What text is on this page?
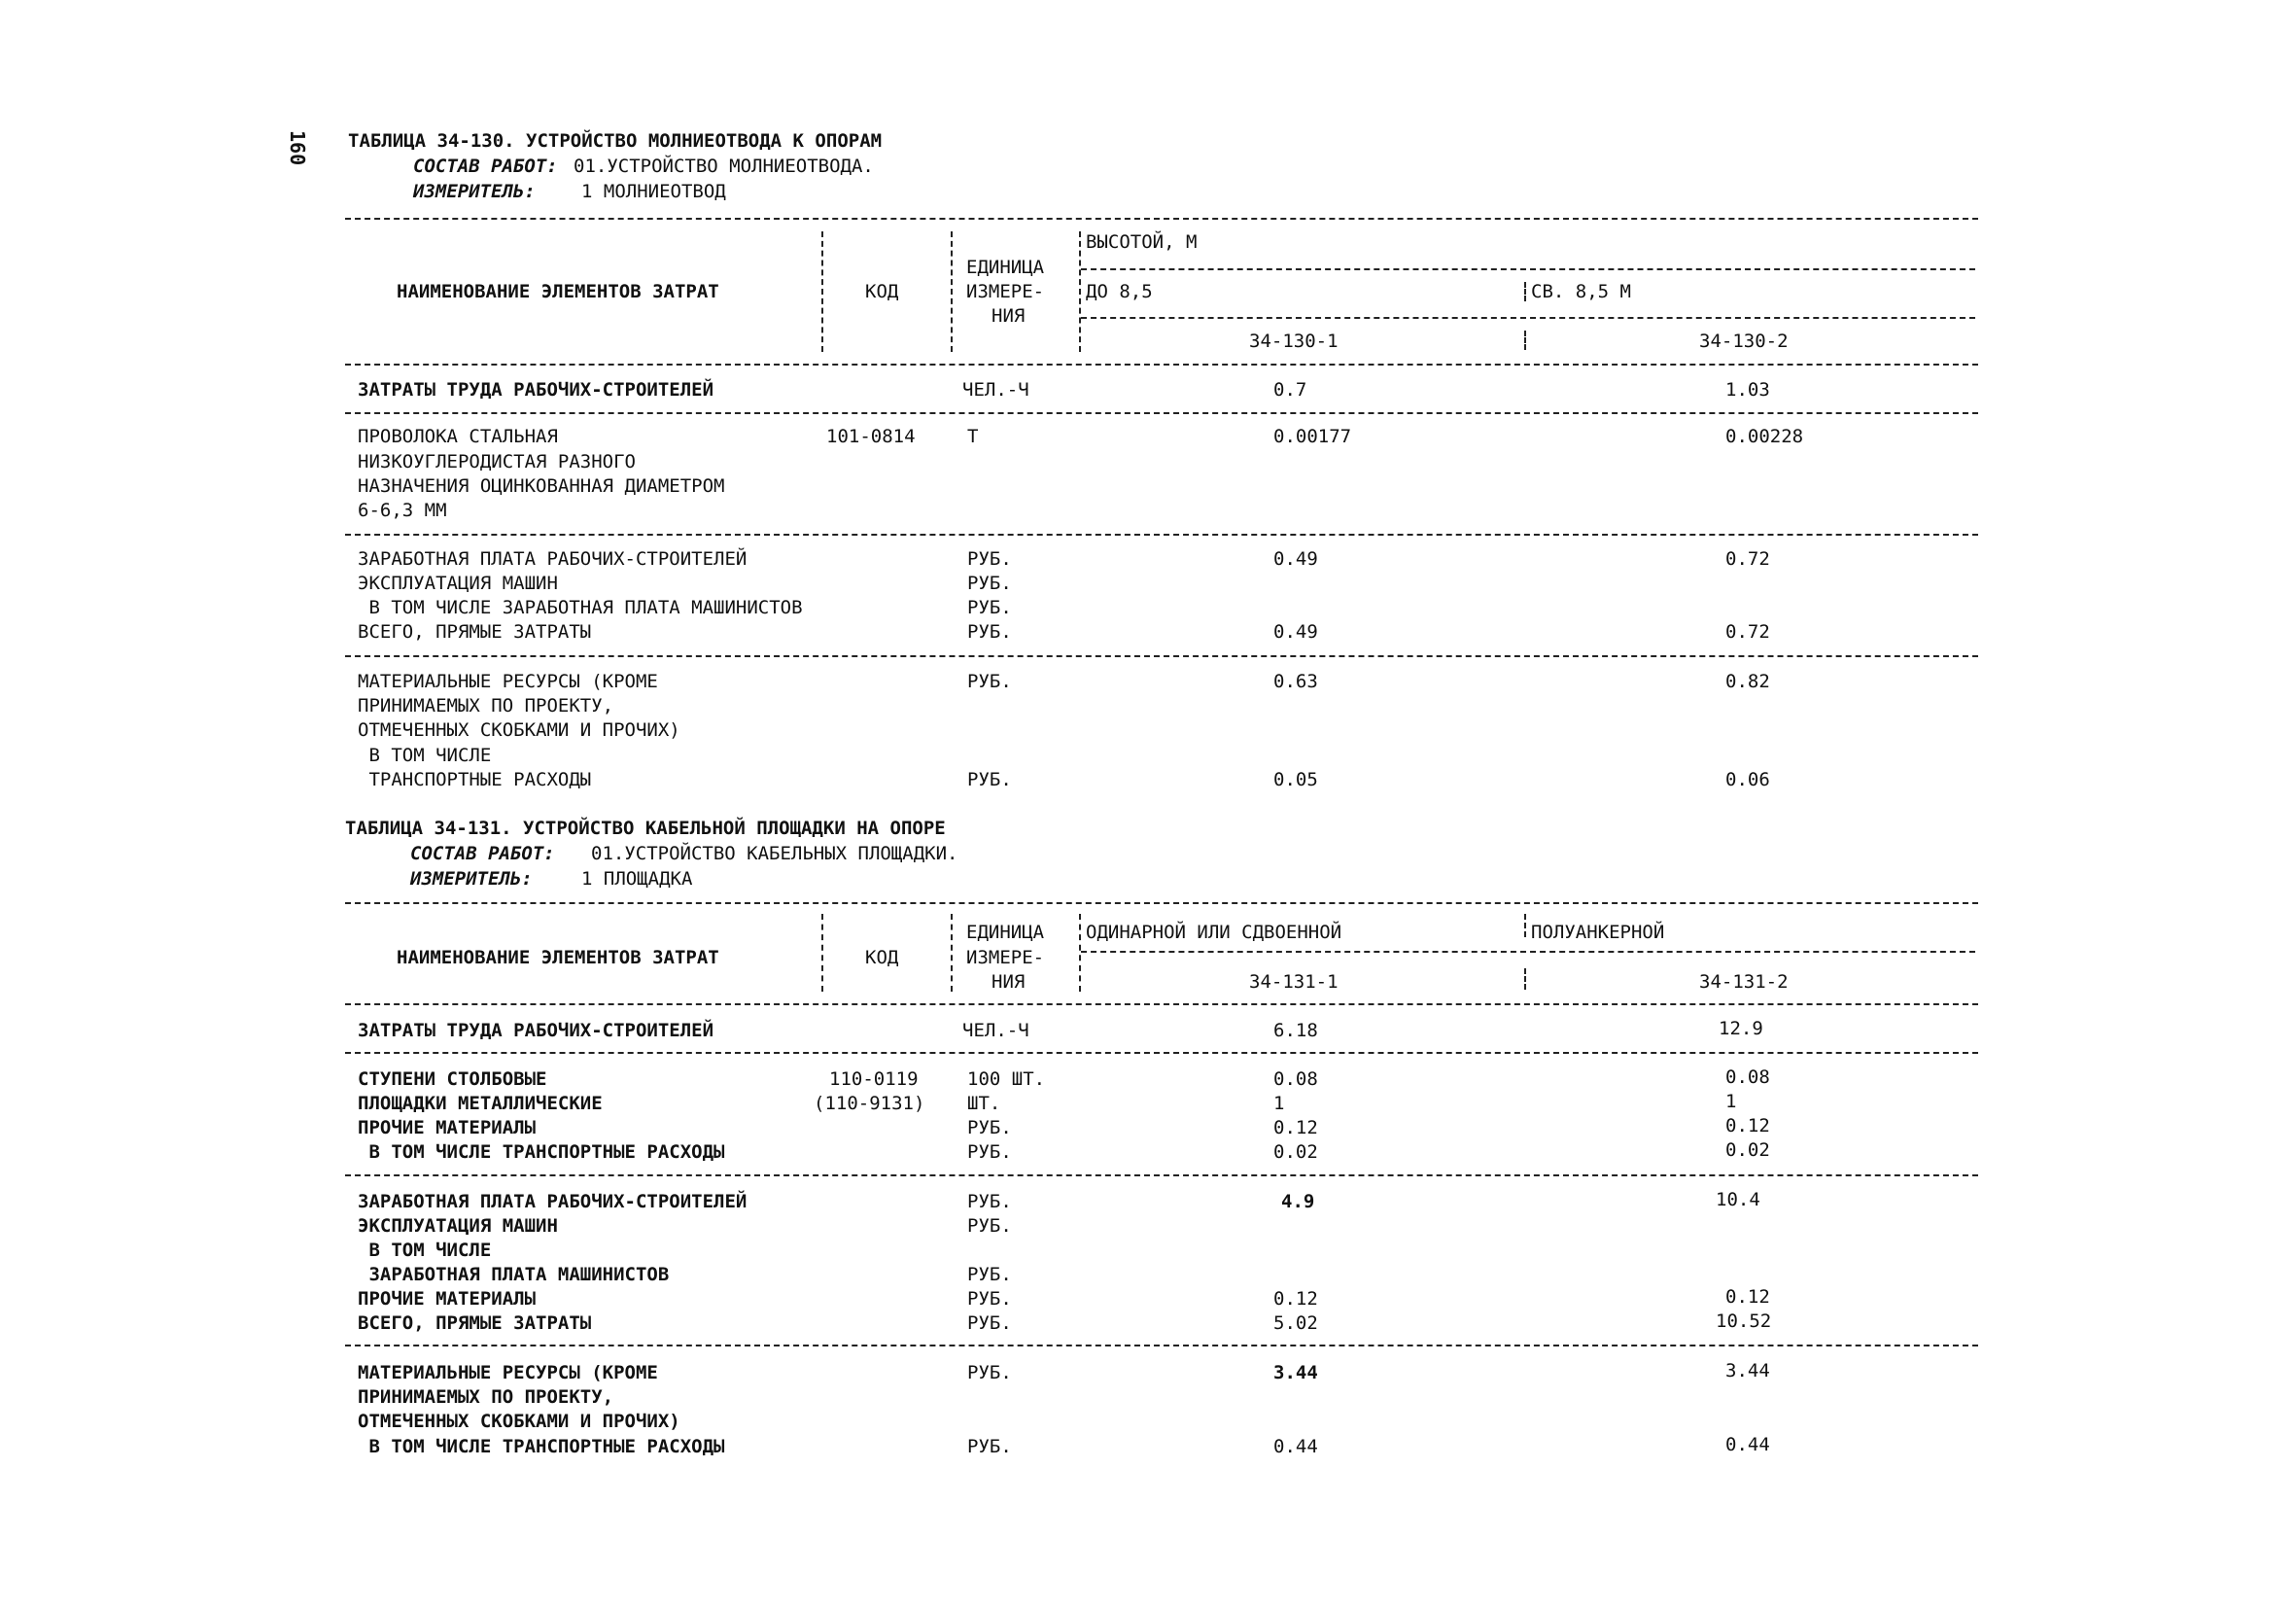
160 ТАБЛИЦА 34-130. УСТРОЙСТВО МОЛНИЕОТВОДА К ОПОРАМ
СОСТАВ РАБОТ: 01.УСТРОЙСТВО МОЛНИЕОТВОДА.
ИЗМЕРИТЕЛЬ: 1 МОЛНИЕОТВОД
НАИМЕНОВАНИЕ ЭЛЕМЕНТОВ ЗАТРАТ	КОД
ЕДИНИЦА
ИЗМЕРЕ-
НИЯ
ВЫСОТОЙ, М
ДО 8,5	СВ. 8,5 М
34-130-1	34-130-2
ЗАТРАТЫ ТРУДА РАБОЧИХ-СТРОИТЕЛЕЙ	ЧЕЛ.-Ч	0.7	1.03
ПРОВОЛОКА СТАЛЬНАЯ	101-0814	Т	0.00177	0.00228
НИЗКОУГЛЕРОДИСТАЯ РАЗНОГО
НАЗНАЧЕНИЯ ОЦИНКОВАННАЯ ДИАМЕТРОМ
6-6,3 ММ
ЗАРАБОТНАЯ ПЛАТА РАБОЧИХ-СТРОИТЕЛЕЙ	РУБ.	0.49	0.72
ЭКСПЛУАТАЦИЯ МАШИН	РУБ.
В ТОМ ЧИСЛЕ ЗАРАБОТНАЯ ПЛАТА МАШИНИСТОВ	РУБ.
ВСЕГО, ПРЯМЫЕ ЗАТРАТЫ	РУБ.	0.49	0.72
МАТЕРИАЛЬНЫЕ РЕСУРСЫ (КРОМЕ	РУБ.	0.63	0.82
ПРИНИМАЕМЫХ ПО ПРОЕКТУ,
ОТМЕЧЕННЫХ СКОБКАМИ И ПРОЧИХ)
В ТОМ ЧИСЛЕ
ТРАНСПОРТНЫЕ РАСХОДЫ	РУБ.	0.05	0.06
ТАБЛИЦА 34-131. УСТРОЙСТВО КАБЕЛЬНОЙ ПЛОЩАДКИ НА ОПОРЕ
СОСТАВ РАБОТ: 01.УСТРОЙСТВО КАБЕЛЬНЫХ ПЛОЩАДКИ.
ИЗМЕРИТЕЛЬ:	1 ПЛОЩАДКА
НАИМЕНОВАНИЕ ЭЛЕМЕНТОВ ЗАТРАТ	КОД
ЕДИНИЦА
ИЗМЕРЕ-
НИЯ
ОДИНАРНОЙ ИЛИ СДВОЕННОЙ	ПОЛУАНКЕРНОЙ
34-131-1	34-131-2
ЗАТРАТЫ ТРУДА РАБОЧИХ-СТРОИТЕЛЕЙ	ЧЕЛ.-Ч	6.18	12.9
СТУПЕНИ СТОЛБОВЫЕ	110-0119	100 ШТ.	0.08	0.08
ПЛОЩАДКИ МЕТАЛЛИЧЕСКИЕ	(110-9131) ШТ.	1	1
ПРОЧИЕ МАТЕРИАЛЫ	РУБ.	0.12	0.12
В ТОМ ЧИСЛЕ ТРАНСПОРТНЫЕ РАСХОДЫ	РУБ.	0.02	0.02
ЗАРАБОТНАЯ ПЛАТА РАБОЧИХ-СТРОИТЕЛЕЙ	РУБ.	4.9	10.4
ЭКСПЛУАТАЦИЯ МАШИН	РУБ.
В ТОМ ЧИСЛЕ
ЗАРАБОТНАЯ ПЛАТА МАШИНИСТОВ	РУБ.
ПРОЧИЕ МАТЕРИАЛЫ	РУБ.	0.12	0.12
ВСЕГО, ПРЯМЫЕ ЗАТРАТЫ	РУБ.	5.02	10.52
МАТЕРИАЛЬНЫЕ РЕСУРСЫ (КРОМЕ	РУБ.	3.44	3.44
ПРИНИМАЕМЫХ ПО ПРОЕКТУ,
ОТМЕЧЕННЫХ СКОБКАМИ И ПРОЧИХ)
В ТОМ ЧИСЛЕ ТРАНСПОРТНЫЕ РАСХОДЫ	РУБ.	0.44	0.44
